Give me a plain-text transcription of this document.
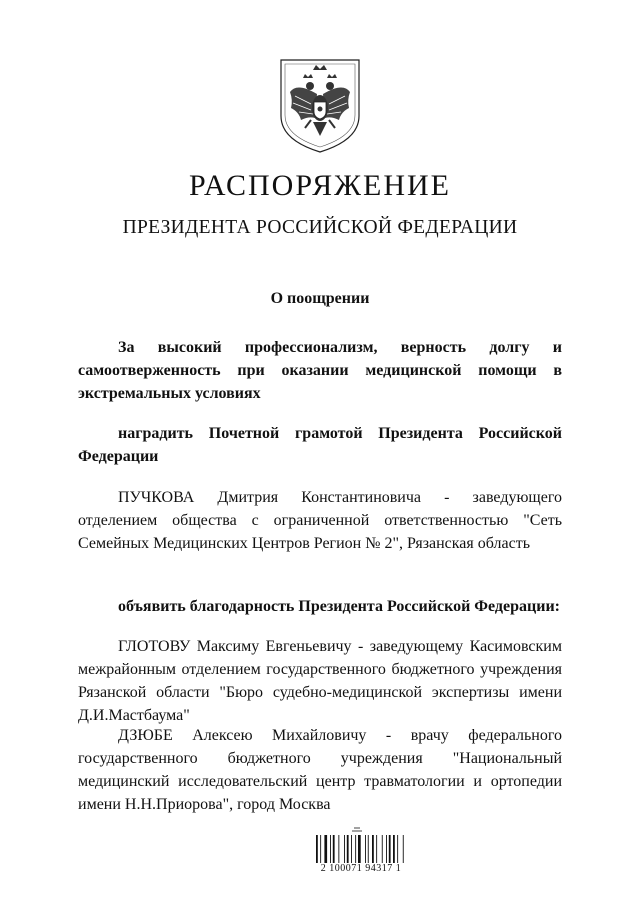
РАСПОРЯЖЕНИЕ
ПРЕЗИДЕНТА РОССИЙСКОЙ ФЕДЕРАЦИИ
О поощрении
За высокий профессионализм, верность долгу и самоотверженность при оказании медицинской помощи в экстремальных условиях
наградить Почетной грамотой Президента Российской Федерации
ПУЧКОВА Дмитрия Константиновича - заведующего отделением общества с ограниченной ответственностью "Сеть Семейных Медицинских Центров Регион № 2", Рязанская область
объявить благодарность Президента Российской Федерации:
ГЛОТОВУ Максиму Евгеньевичу - заведующему Касимовским межрайонным отделением государственного бюджетного учреждения Рязанской области "Бюро судебно-медицинской экспертизы имени Д.И.Мастбаума"
ДЗЮБЕ Алексею Михайловичу - врачу федерального государственного бюджетного учреждения "Национальный медицинский исследовательский центр травматологии и ортопедии имени Н.Н.Приорова", город Москва
2 100071 94317 1
